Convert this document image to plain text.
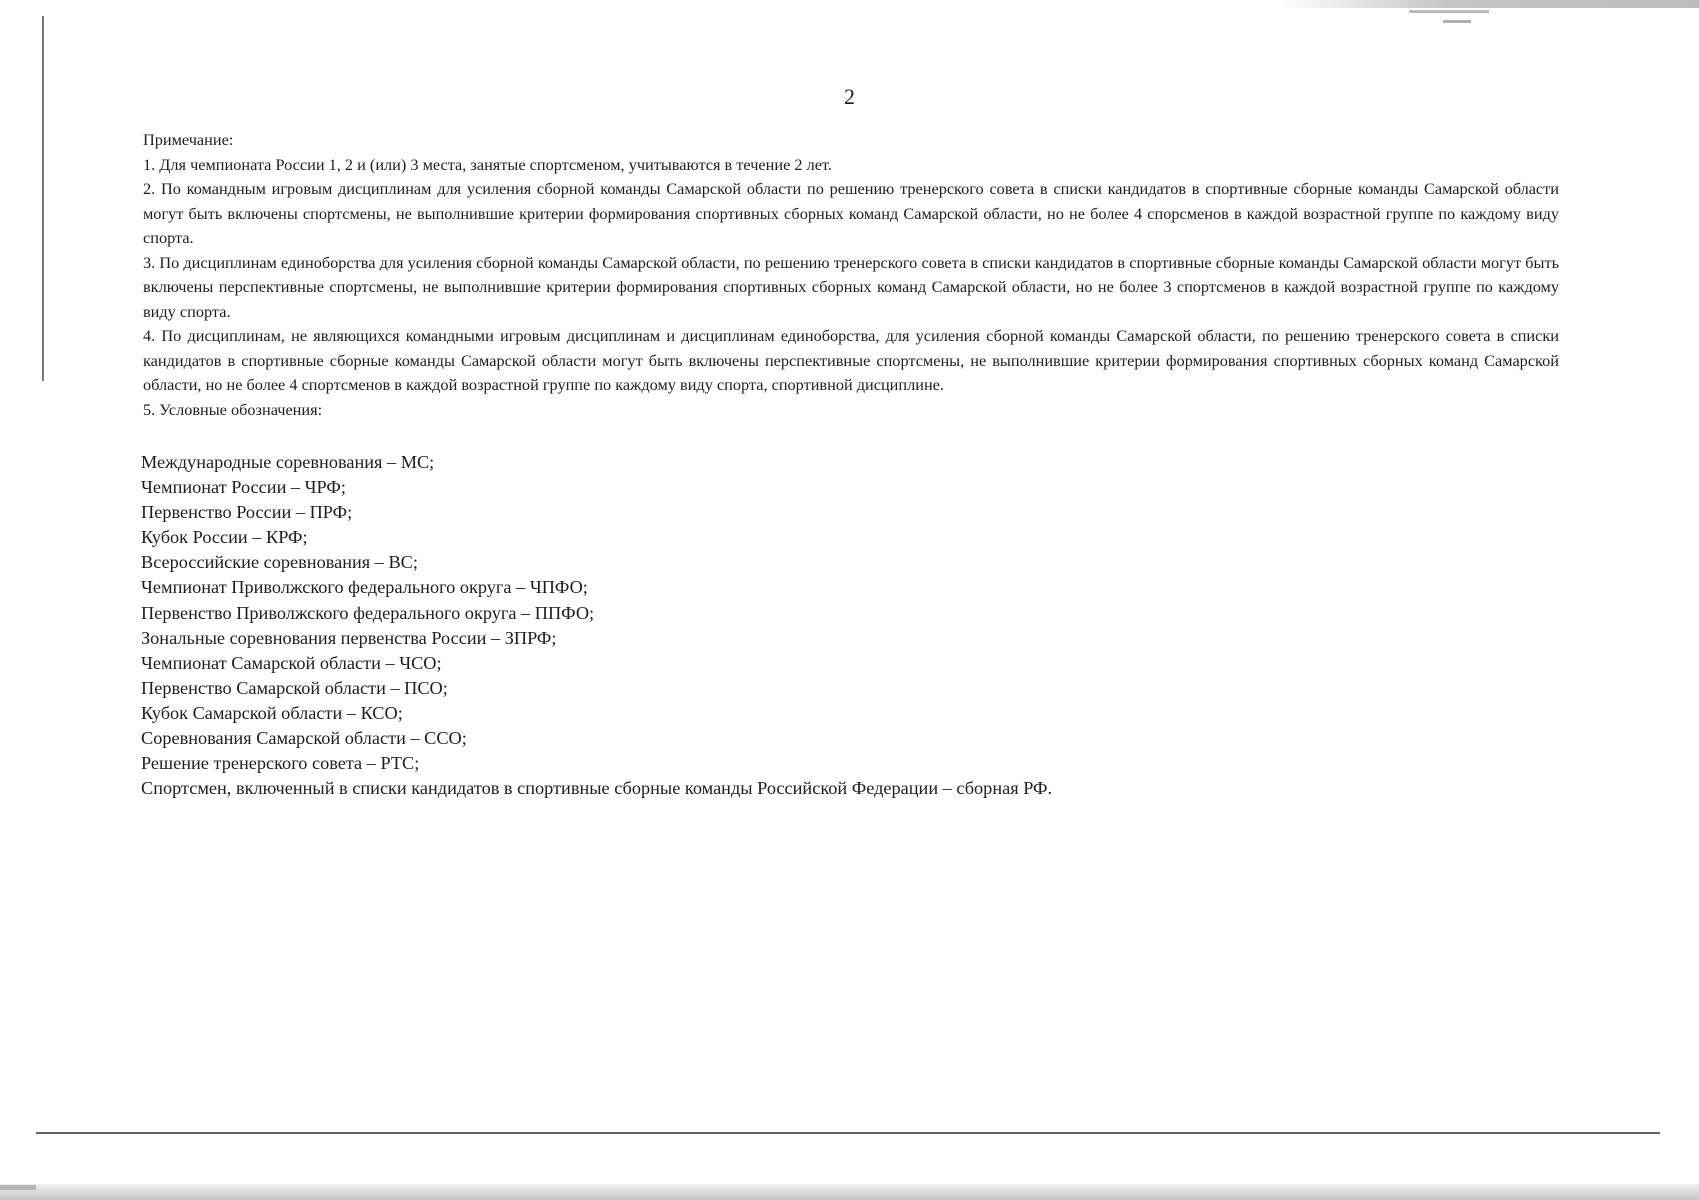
2

Примечание:

1. Для чемпионата России 1, 2 и (или) 3 места, занятые спортсменом, учитываются в течение 2 лет.

2. По командным игровым дисциплинам для усиления сборной команды Самарской области по решению тренерского совета в списки кандидатов в спортивные сборные команды Самарской области могут быть включены спортсмены, не выполнившие критерии формирования спортивных сборных команд Самарской области, но не более 4 спорсменов в каждой возрастной группе по каждому виду спорта.

3. По дисциплинам единоборства для усиления сборной команды Самарской области, по решению тренерского совета в списки кандидатов в спортивные сборные команды Самарской области могут быть включены перспективные спортсмены, не выполнившие критерии формирования спортивных сборных команд Самарской области, но не более 3 спортсменов в каждой возрастной группе по каждому виду спорта.

4. По дисциплинам, не являющихся командными игровым дисциплинам и дисциплинам единоборства, для усиления сборной команды Самарской области, по решению тренерского совета в списки кандидатов в спортивные сборные команды Самарской области могут быть включены перспективные спортсмены, не выполнившие критерии формирования спортивных сборных команд Самарской области, но не более 4 спортсменов в каждой возрастной группе по каждому виду спорта, спортивной дисциплине.

5. Условные обозначения:

Международные соревнования – МС;
Чемпионат России – ЧРФ;
Первенство России – ПРФ;
Кубок России – КРФ;
Всероссийские соревнования – ВС;
Чемпионат Приволжского федерального округа – ЧПФО;
Первенство Приволжского федерального округа – ППФО;
Зональные соревнования первенства России – ЗПРФ;
Чемпионат Самарской области – ЧСО;
Первенство Самарской области – ПСО;
Кубок Самарской области – КСО;
Соревнования Самарской области – ССО;
Решение тренерского совета – РТС;
Спортсмен, включенный в списки кандидатов в спортивные сборные команды Российской Федерации – сборная РФ.
